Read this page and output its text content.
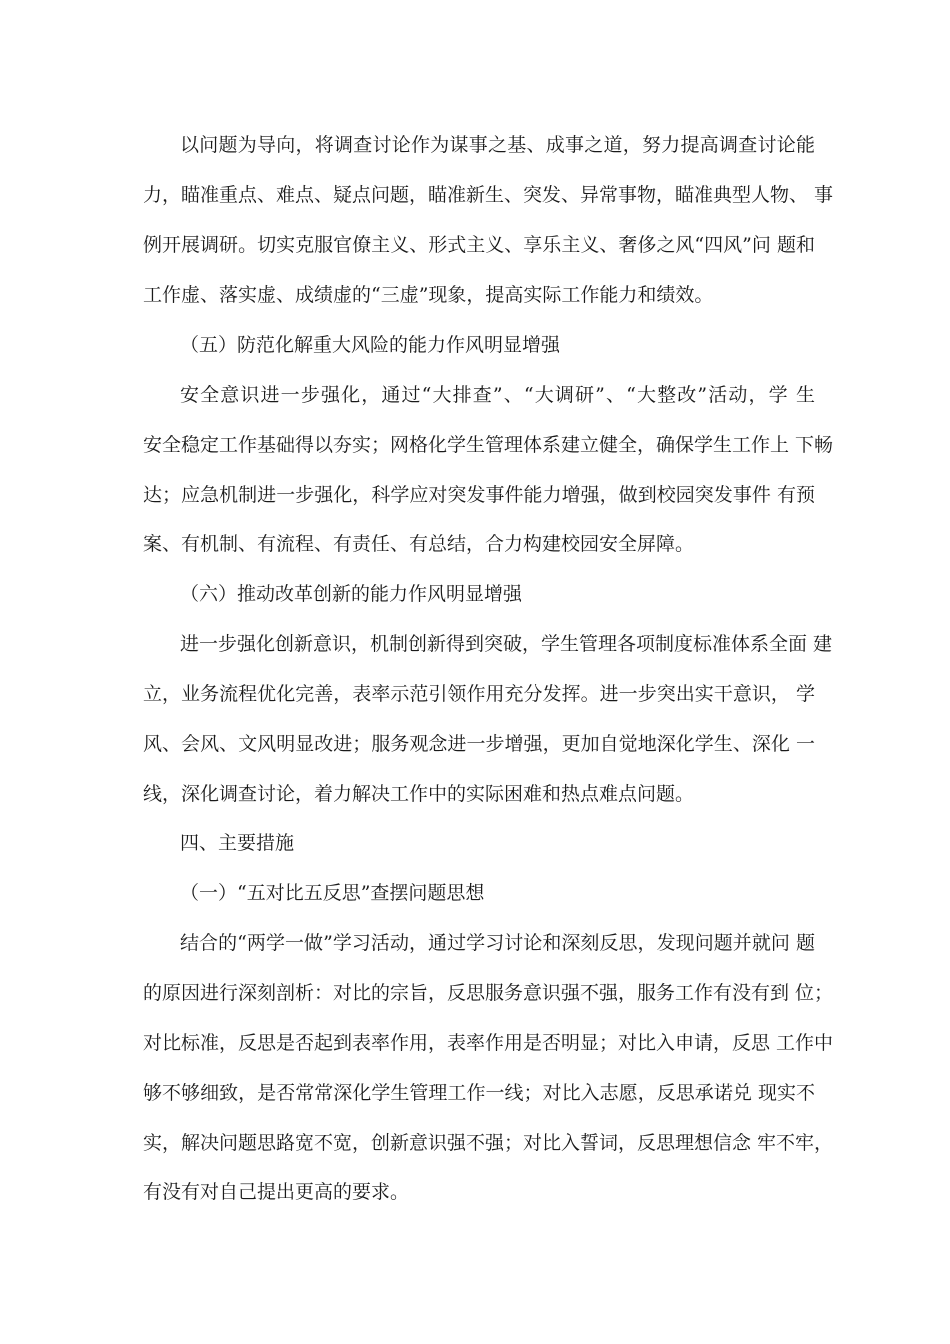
以问题为导向，将调查讨论作为谋事之基、成事之道，努力提高调查讨论能
力，瞄准重点、难点、疑点问题，瞄准新生、突发、异常事物，瞄准典型人物、 事
例开展调研。切实克服官僚主义、形式主义、享乐主义、奢侈之风“四风”问 题和
工作虚、落实虚、成绩虚的“三虚”现象，提高实际工作能力和绩效。
（五）防范化解重大风险的能力作风明显增强
安全意识进一步强化，通过“大排查”、“大调研”、“大整改”活动，学 生
安全稳定工作基础得以夯实；网格化学生管理体系建立健全，确保学生工作上 下畅
达；应急机制进一步强化，科学应对突发事件能力增强，做到校园突发事件 有预
案、有机制、有流程、有责任、有总结，合力构建校园安全屏障。
（六）推动改革创新的能力作风明显增强
进一步强化创新意识，机制创新得到突破，学生管理各项制度标准体系全面 建
立，业务流程优化完善，表率示范引领作用充分发挥。进一步突出实干意识， 学
风、会风、文风明显改进；服务观念进一步增强，更加自觉地深化学生、深化 一
线，深化调查讨论，着力解决工作中的实际困难和热点难点问题。
四、主要措施
（一）“五对比五反思”查摆问题思想
结合的“两学一做”学习活动，通过学习讨论和深刻反思，发现问题并就问 题
的原因进行深刻剖析：对比的宗旨，反思服务意识强不强，服务工作有没有到 位；
对比标准，反思是否起到表率作用，表率作用是否明显；对比入申请，反思 工作中
够不够细致，是否常常深化学生管理工作一线；对比入志愿，反思承诺兑 现实不
实，解决问题思路宽不宽，创新意识强不强；对比入誓词，反思理想信念 牢不牢，
有没有对自己提出更高的要求。
